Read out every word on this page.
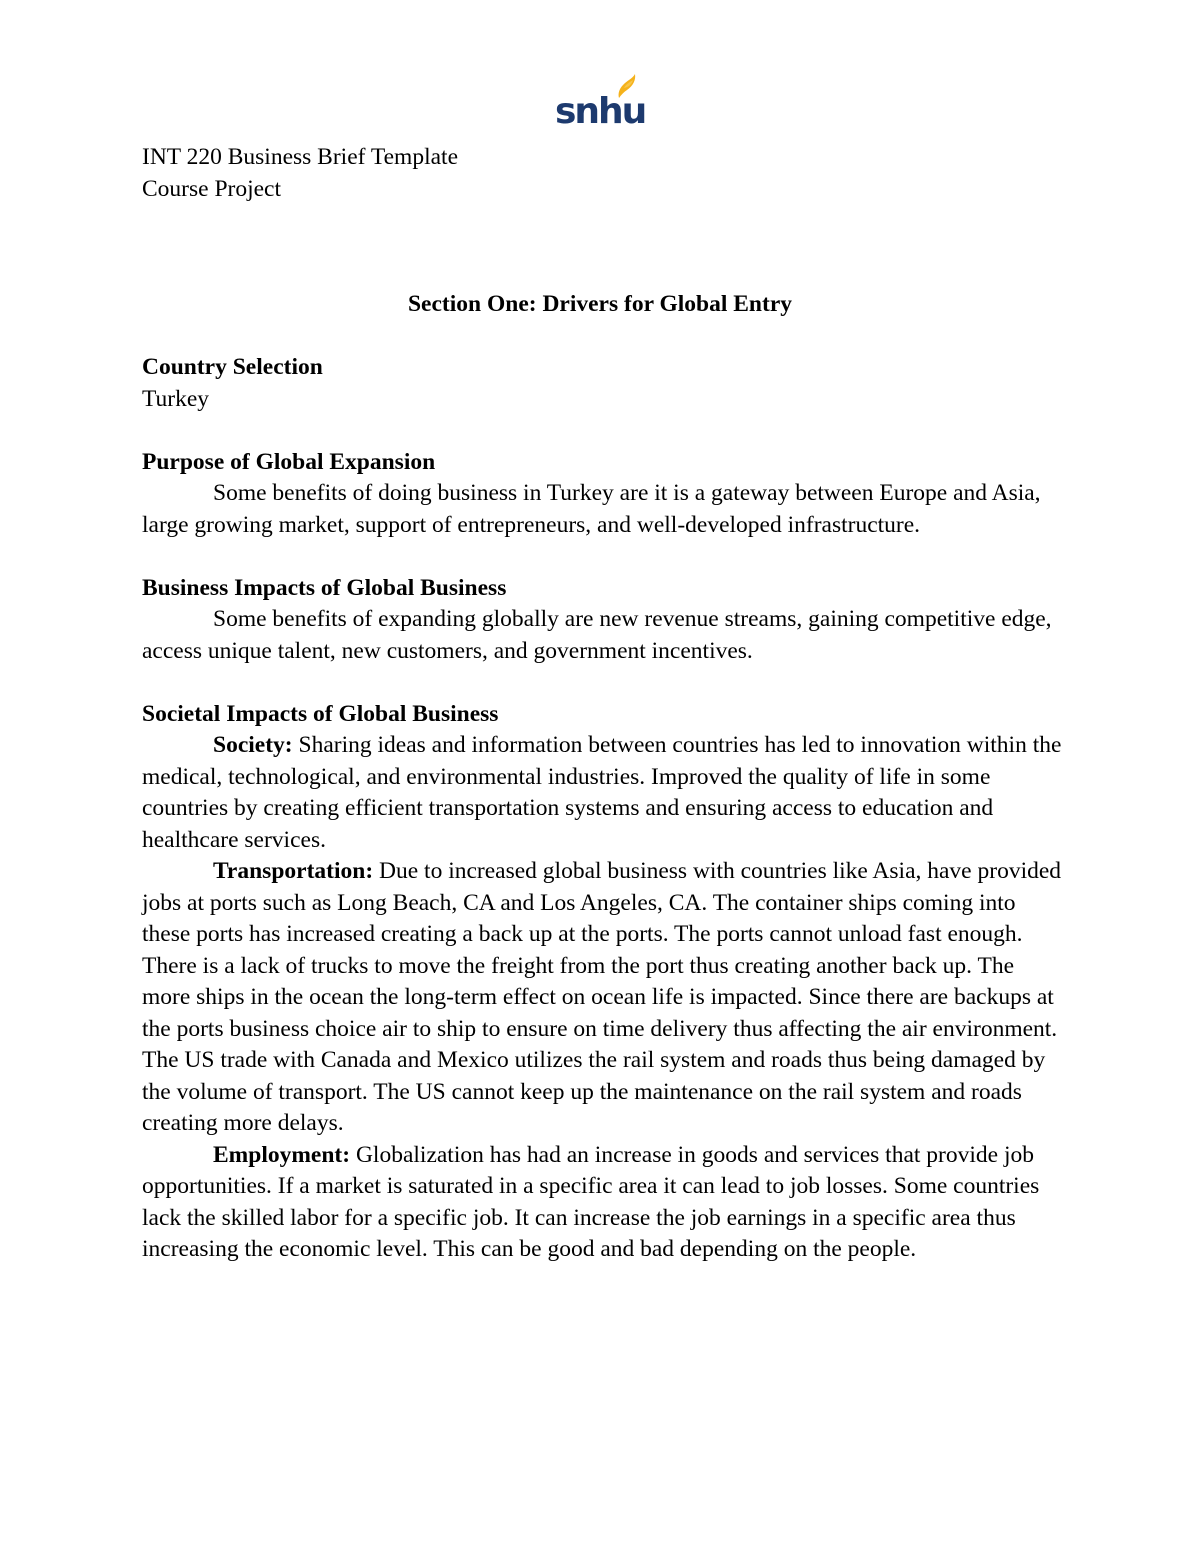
snhu
INT 220 Business Brief Template
Course Project
Section One: Drivers for Global Entry

Country Selection

Turkey

Purpose of Global Expansion

Some benefits of doing business in Turkey are it is a gateway between Europe and Asia, large growing market, support of entrepreneurs, and well-developed infrastructure.

Business Impacts of Global Business

Some benefits of expanding globally are new revenue streams, gaining competitive edge, access unique talent, new customers, and government incentives.

Societal Impacts of Global Business

Society: Sharing ideas and information between countries has led to innovation within the medical, technological, and environmental industries. Improved the quality of life in some countries by creating efficient transportation systems and ensuring access to education and healthcare services.

Transportation: Due to increased global business with countries like Asia, have provided jobs at ports such as Long Beach, CA and Los Angeles, CA. The container ships coming into these ports has increased creating a back up at the ports. The ports cannot unload fast enough. There is a lack of trucks to move the freight from the port thus creating another back up. The more ships in the ocean the long-term effect on ocean life is impacted. Since there are backups at the ports business choice air to ship to ensure on time delivery thus affecting the air environment. The US trade with Canada and Mexico utilizes the rail system and roads thus being damaged by the volume of transport. The US cannot keep up the maintenance on the rail system and roads creating more delays.

Employment: Globalization has had an increase in goods and services that provide job opportunities. If a market is saturated in a specific area it can lead to job losses. Some countries lack the skilled labor for a specific job. It can increase the job earnings in a specific area thus increasing the economic level. This can be good and bad depending on the people.
